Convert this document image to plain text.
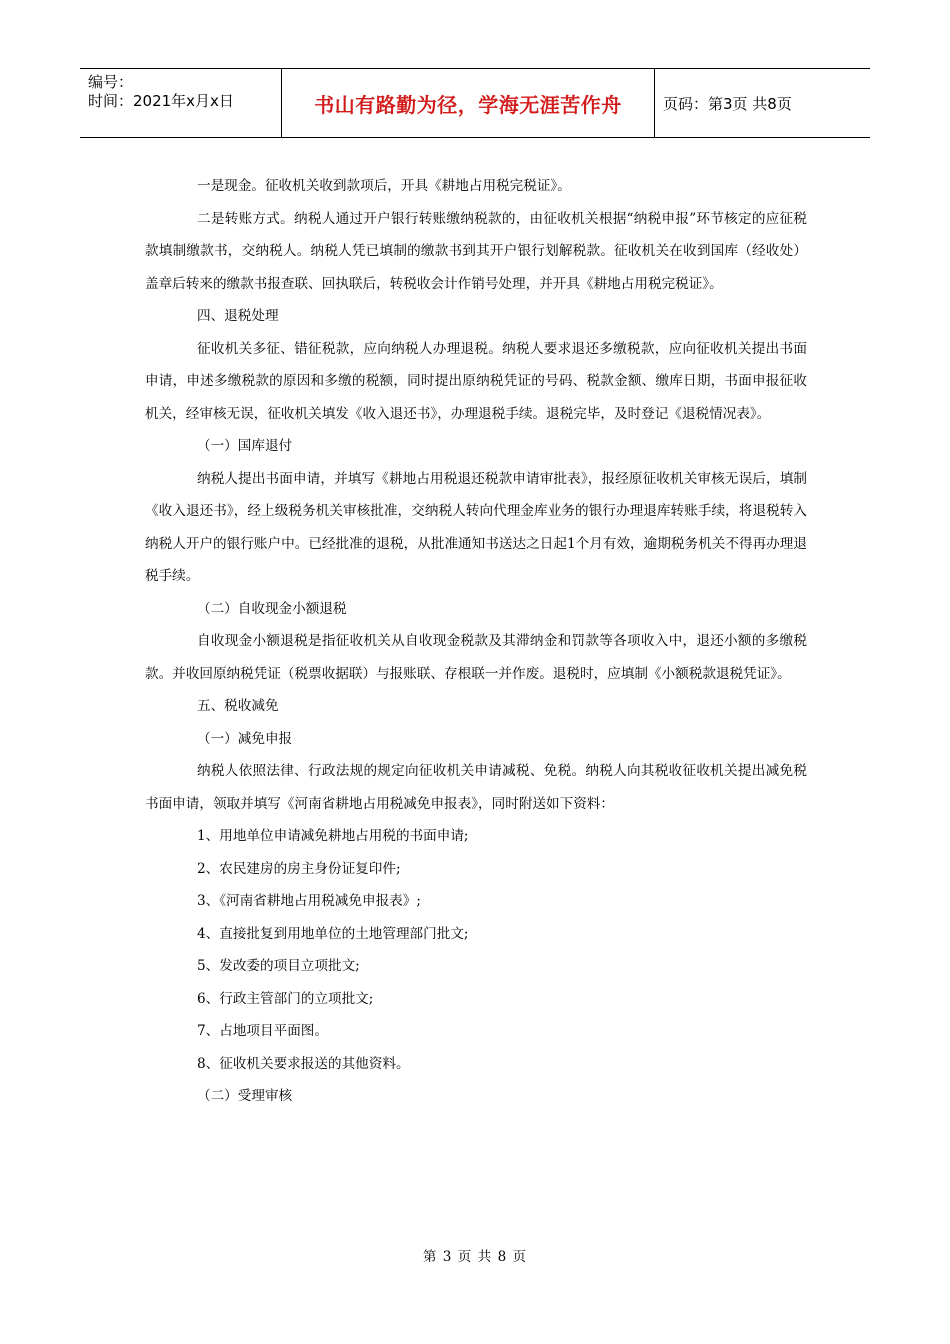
编号：
时间：2021年x月x日	书山有路勤为径，学海无涯苦作舟	页码：第3页 共8页

一是现金。征收机关收到款项后，开具《耕地占用税完税证》。

二是转账方式。纳税人通过开户银行转账缴纳税款的，由征收机关根据“纳税申报”环节核定的应征税款填制缴款书，交纳税人。纳税人凭已填制的缴款书到其开户银行划解税款。征收机关在收到国库（经收处）盖章后转来的缴款书报查联、回执联后，转税收会计作销号处理，并开具《耕地占用税完税证》。

四、退税处理

征收机关多征、错征税款，应向纳税人办理退税。纳税人要求退还多缴税款，应向征收机关提出书面申请，申述多缴税款的原因和多缴的税额，同时提出原纳税凭证的号码、税款金额、缴库日期，书面申报征收机关，经审核无误，征收机关填发《收入退还书》，办理退税手续。退税完毕，及时登记《退税情况表》。

（一）国库退付

纳税人提出书面申请，并填写《耕地占用税退还税款申请审批表》，报经原征收机关审核无误后，填制《收入退还书》，经上级税务机关审核批准，交纳税人转向代理金库业务的银行办理退库转账手续，将退税转入纳税人开户的银行账户中。已经批准的退税，从批准通知书送达之日起1个月有效，逾期税务机关不得再办理退税手续。

（二）自收现金小额退税

自收现金小额退税是指征收机关从自收现金税款及其滞纳金和罚款等各项收入中，退还小额的多缴税款。并收回原纳税凭证（税票收据联）与报账联、存根联一并作废。退税时，应填制《小额税款退税凭证》。

五、税收减免

（一）减免申报

纳税人依照法律、行政法规的规定向征收机关申请减税、免税。纳税人向其税收征收机关提出减免税书面申请，领取并填写《河南省耕地占用税减免申报表》，同时附送如下资料：

1、用地单位申请减免耕地占用税的书面申请;

2、农民建房的房主身份证复印件;

3、《河南省耕地占用税减免申报表》;

4、直接批复到用地单位的土地管理部门批文;

5、发改委的项目立项批文;

6、行政主管部门的立项批文;

7、占地项目平面图。

8、征收机关要求报送的其他资料。

（二）受理审核

第 3 页 共 8 页
